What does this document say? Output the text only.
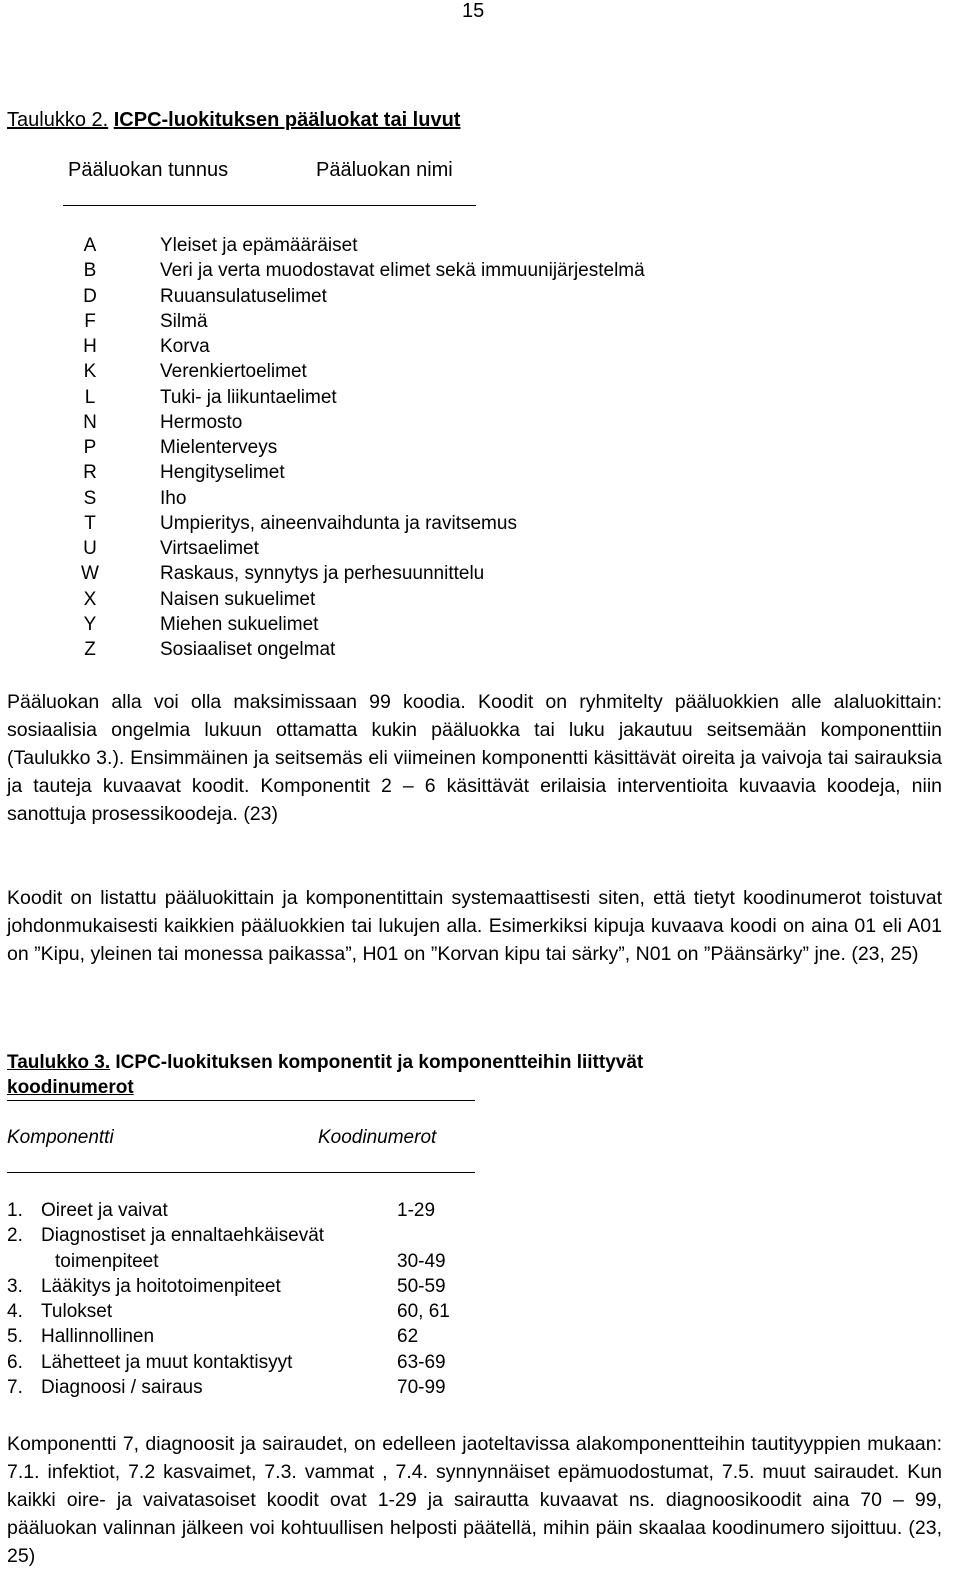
15
Taulukko 2. ICPC-luokituksen pääluokat tai luvut
Pääluokan tunnus	Pääluokan nimi
A	Yleiset ja epämääräiset
B	Veri ja verta muodostavat elimet sekä immuunijärjestelmä
D	Ruuansulatuselimet
F	Silmä
H	Korva
K	Verenkiertoelimet
L	Tuki- ja liikuntaelimet
N	Hermosto
P	Mielenterveys
R	Hengityselimet
S	Iho
T	Umpieritys, aineenvaihdunta ja ravitsemus
U	Virtsaelimet
W	Raskaus, synnytys ja perhesuunnittelu
X	Naisen sukuelimet
Y	Miehen sukuelimet
Z	Sosiaaliset ongelmat

Pääluokan alla voi olla maksimissaan 99 koodia. Koodit on ryhmitelty pääluokkien alle alaluokittain: sosiaalisia ongelmia lukuun ottamatta kukin pääluokka tai luku jakautuu seitsemään komponenttiin (Taulukko 3.). Ensimmäinen ja seitsemäs eli viimeinen komponentti käsittävät oireita ja vaivoja tai sairauksia ja tauteja kuvaavat koodit. Komponentit 2 – 6 käsittävät erilaisia interventioita kuvaavia koodeja, niin sanottuja prosessikoodeja. (23)

Koodit on listattu pääluokittain ja komponentittain systemaattisesti siten, että tietyt koodinumerot toistuvat johdonmukaisesti kaikkien pääluokkien tai lukujen alla. Esimerkiksi kipuja kuvaava koodi on aina 01 eli A01 on ”Kipu, yleinen tai monessa paikassa”, H01 on ”Korvan kipu tai särky”, N01 on ”Päänsärky” jne. (23, 25)

Taulukko 3. ICPC-luokituksen komponentit ja komponentteihin liittyvät
koodinumerot
Komponentti	Koodinumerot
1. Oireet ja vaivat	1-29
2. Diagnostiset ja ennaltaehkäisevät
toimenpiteet	30-49
3. Lääkitys ja hoitotoimenpiteet	50-59
4. Tulokset	60, 61
5. Hallinnollinen	62
6. Lähetteet ja muut kontaktisyyt	63-69
7. Diagnoosi / sairaus	70-99

Komponentti 7, diagnoosit ja sairaudet, on edelleen jaoteltavissa alakomponentteihin tautityyppien mukaan: 7.1. infektiot, 7.2 kasvaimet, 7.3. vammat , 7.4. synnynnäiset epämuodostumat, 7.5. muut sairaudet. Kun kaikki oire- ja vaivatasoiset koodit ovat 1-29 ja sairautta kuvaavat ns. diagnoosikoodit aina 70 – 99, pääluokan valinnan jälkeen voi kohtuullisen helposti päätellä, mihin päin skaalaa koodinumero sijoittuu. (23, 25)
